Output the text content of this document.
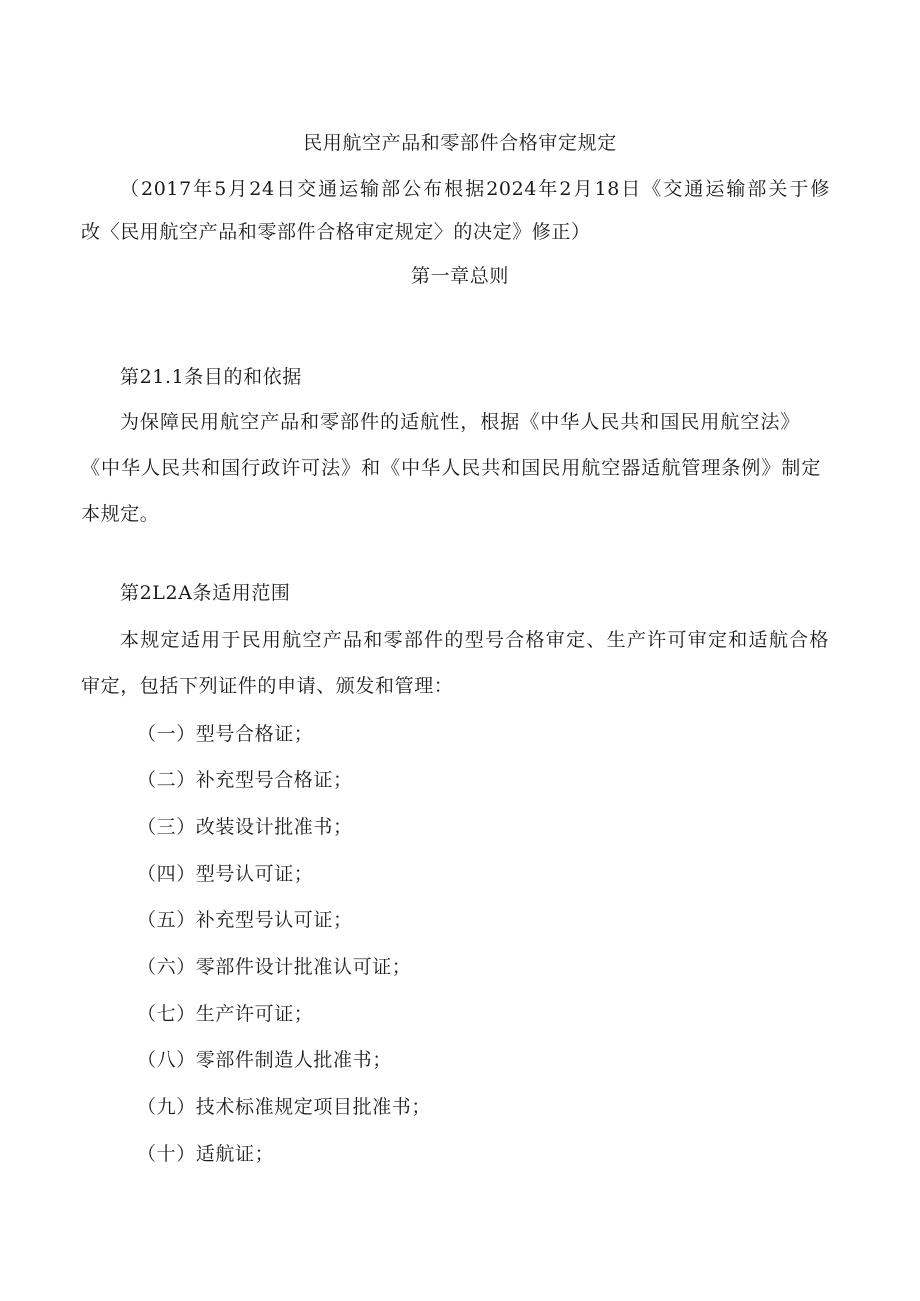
民用航空产品和零部件合格审定规定
（2017年5月24日交通运输部公布根据2024年2月18日《交通运输部关于修
改〈民用航空产品和零部件合格审定规定〉的决定》修正）
第一章总则
第21.1条目的和依据
为保障民用航空产品和零部件的适航性，根据《中华人民共和国民用航空法》
《中华人民共和国行政许可法》和《中华人民共和国民用航空器适航管理条例》制定
本规定。
第2L2A条适用范围
本规定适用于民用航空产品和零部件的型号合格审定、生产许可审定和适航合格
审定，包括下列证件的申请、颁发和管理：
（一）型号合格证；
（二）补充型号合格证；
（三）改装设计批准书；
（四）型号认可证；
（五）补充型号认可证；
（六）零部件设计批准认可证；
（七）生产许可证；
（八）零部件制造人批准书；
（九）技术标准规定项目批准书；
（十）适航证；
